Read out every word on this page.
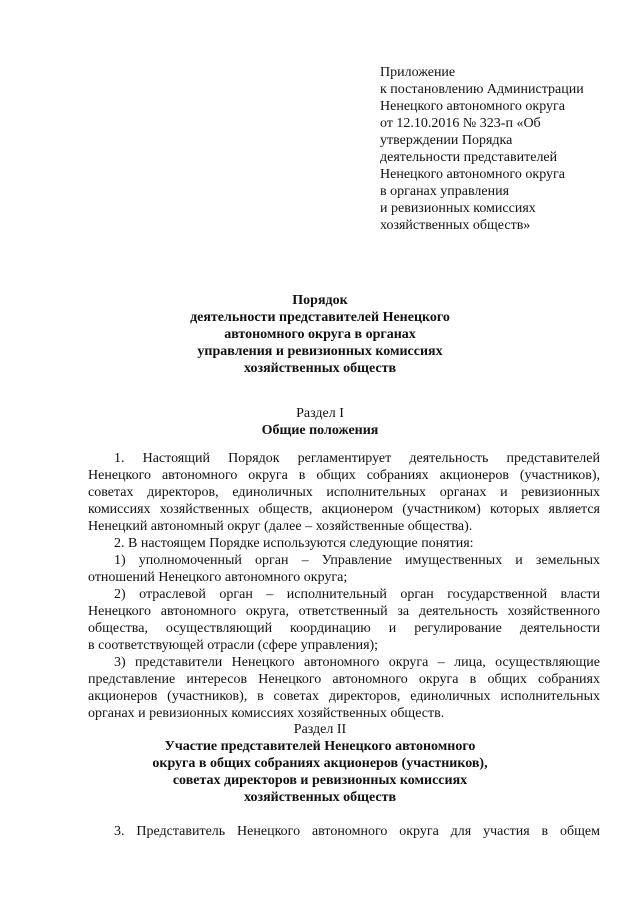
Приложение
к постановлению Администрации
Ненецкого автономного округа
от 12.10.2016 № 323-п «Об
утверждении Порядка
деятельности представителей
Ненецкого автономного округа
в органах управления
и ревизионных комиссиях
хозяйственных обществ»
Порядок
деятельности представителей Ненецкого
автономного округа в органах
управления и ревизионных комиссиях
хозяйственных обществ
Раздел I
Общие положения
1. Настоящий Порядок регламентирует деятельность представителей
Ненецкого автономного округа в общих собраниях акционеров (участников),
советах директоров, единоличных исполнительных органах и ревизионных
комиссиях хозяйственных обществ, акционером (участником) которых является
Ненецкий автономный округ (далее – хозяйственные общества).
2. В настоящем Порядке используются следующие понятия:
1) уполномоченный орган – Управление имущественных и земельных
отношений Ненецкого автономного округа;
2) отраслевой орган – исполнительный орган государственной власти
Ненецкого автономного округа, ответственный за деятельность хозяйственного
общества, осуществляющий координацию и регулирование деятельности
в соответствующей отрасли (сфере управления);
3) представители Ненецкого автономного округа – лица, осуществляющие
представление интересов Ненецкого автономного округа в общих собраниях
акционеров (участников), в советах директоров, единоличных исполнительных
органах и ревизионных комиссиях хозяйственных обществ.
Раздел II
Участие представителей Ненецкого автономного
округа в общих собраниях акционеров (участников),
советах директоров и ревизионных комиссиях
хозяйственных обществ
3. Представитель Ненецкого автономного округа для участия в общем
